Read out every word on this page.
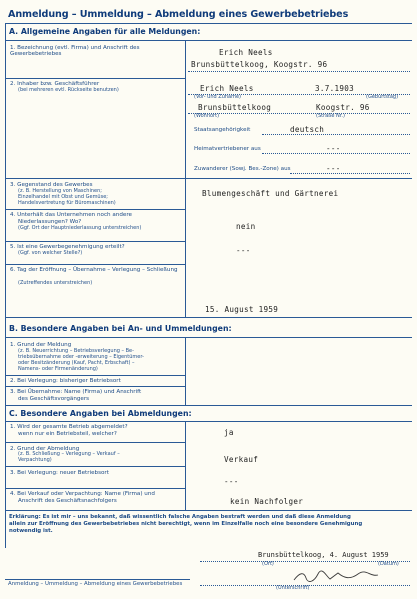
Anmeldung – Ummeldung – Abmeldung eines Gewerbebetriebes
A. Allgemeine Angaben für alle Meldungen:
1. Bezeichnung (evtl. Firma) und Anschrift des Gewerbebetriebes	Erich Neels
Brunsbüttelkoog, Koogstr. 96
2. Inhaber bzw. Geschäftsführer
(bei mehreren evtl. Rückseite benutzen)	Erich Neels	3.7.1903
(Vor- und Zuname)	(Geburtstag)
Brunsbüttelkoog	Koogstr. 96
(Wohnort)	(Straße Nr.)
Staatsangehörigkeit	deutsch
Heimatvertriebener aus	---
Zuwanderer (Sowj. Bes.-Zone) aus	---
3. Gegenstand des Gewerbes
(z. B. Herstellung von Maschinen;
Einzelhandel mit Obst und Gemüse;
Handelsvertretung für Büromaschinen)
Blumengeschäft und Gärtnerei
4. Unterhält das Unternehmen noch andere
Niederlassungen? Wo?
(Ggf. Ort der Hauptniederlassung unterstreichen)	nein
5. Ist eine Gewerbegenehmigung erteilt?
(Ggf. von welcher Stelle?)	---
6. Tag der Eröffnung – Übernahme – Verlegung – Schließung
(Zutreffendes unterstreichen)
15. August 1959
B. Besondere Angaben bei An- und Ummeldungen:
1. Grund der Meldung
(z. B. Neuerrichtung – Betriebsverlegung – Be-
triebsübernahme oder -erweiterung – Eigentümer-
oder Besitzänderung (Kauf, Pacht, Erbschaft) –
Namens- oder Firmenänderung)
2. Bei Verlegung: bisheriger Betriebsort
3. Bei Übernahme: Name (Firma) und Anschrift
des Geschäftsvorgängers
C. Besondere Angaben bei Abmeldungen:
1. Wird der gesamte Betrieb abgemeldet?
wenn nur ein Betriebsteil, welcher?	ja
2. Grund der Abmeldung
(z. B. Schließung – Verlegung – Verkauf –
Verpachtung)	Verkauf
3. Bei Verlegung: neuer Betriebsort
---
4. Bei Verkauf oder Verpachtung: Name (Firma) und
Anschrift des Geschäftsnachfolgers	kein Nachfolger
Erklärung: Es ist mir – uns bekannt, daß wissentlich falsche Angaben bestraft werden und daß diese Anmeldung
allein zur Eröffnung des Gewerbebetriebes nicht berechtigt, wenn im Einzelfalle noch eine besondere Genehmigung
notwendig ist.
Brunsbüttelkoog, 4. August 1959
(Ort)	(Datum)
(Unterschrift)
Anmeldung – Ummeldung – Abmeldung eines Gewerbebetriebes
